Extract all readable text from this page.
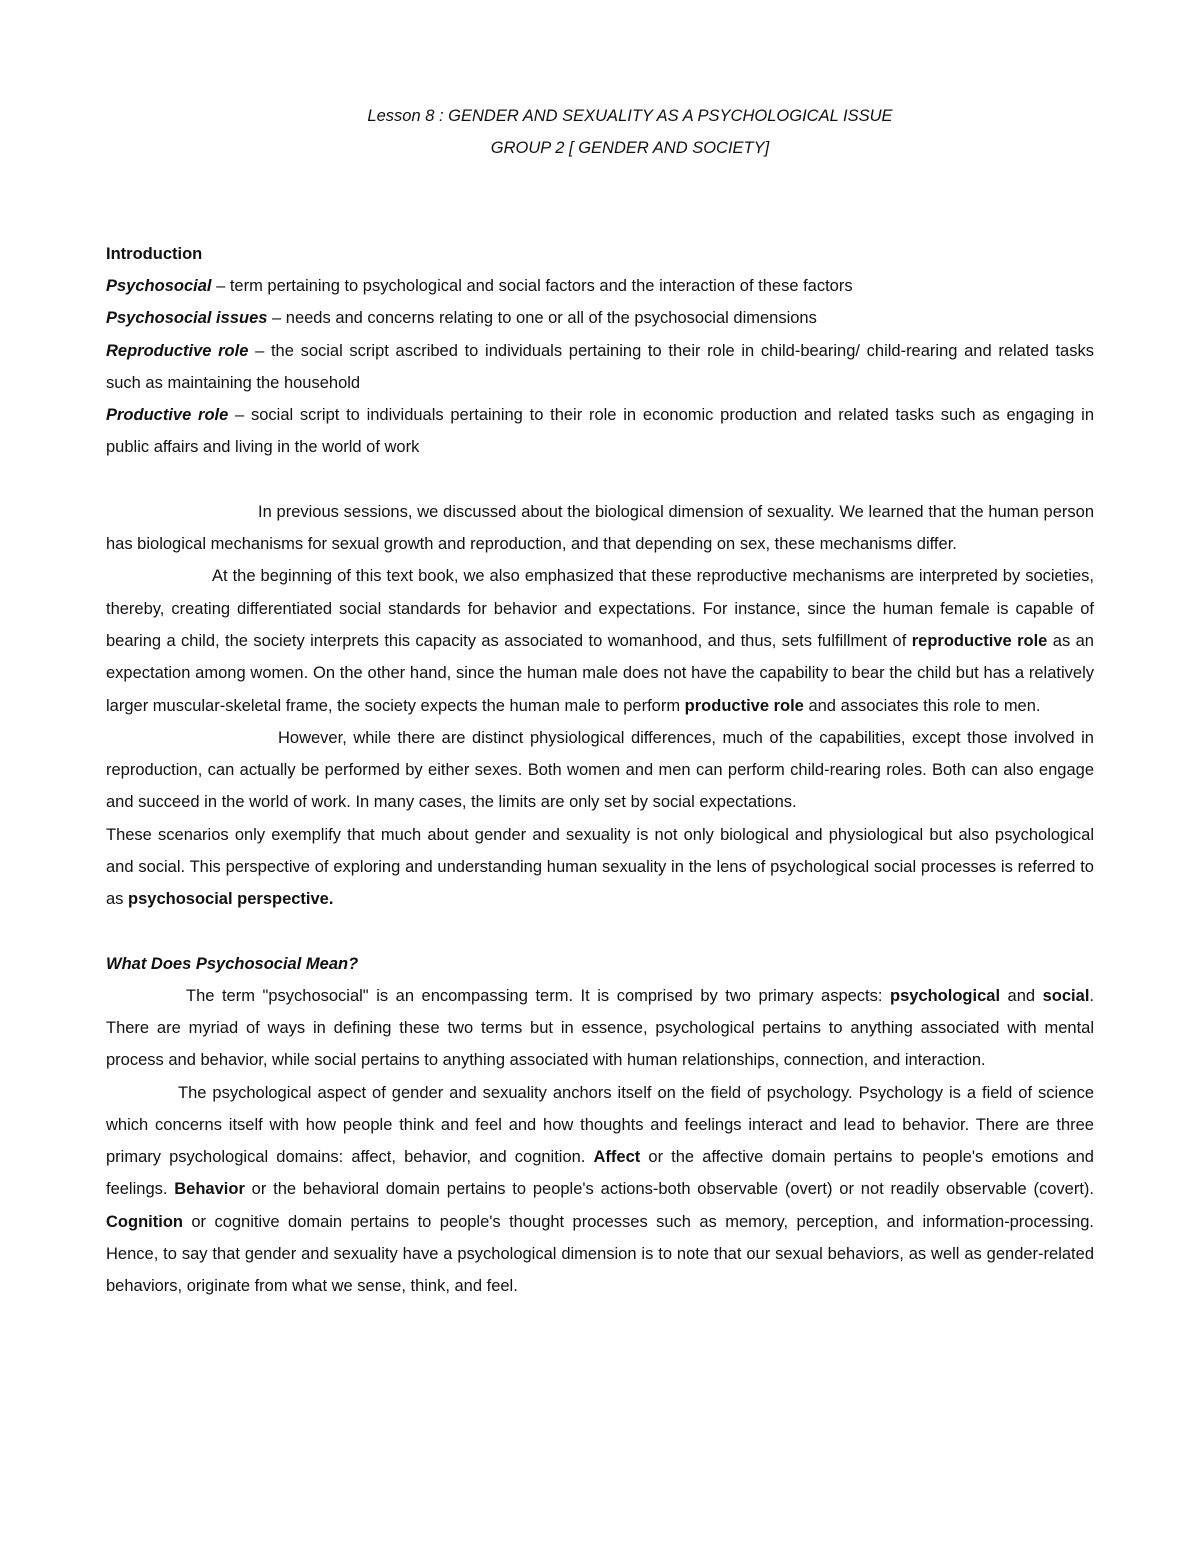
Lesson 8 : GENDER AND SEXUALITY AS A PSYCHOLOGICAL ISSUE
GROUP 2 [ GENDER AND SOCIETY]
Introduction

Psychosocial – term pertaining to psychological and social factors and the interaction of these factors

Psychosocial issues – needs and concerns relating to one or all of the psychosocial dimensions

Reproductive role – the social script ascribed to individuals pertaining to their role in child-bearing/ child-rearing and related tasks such as maintaining the household

Productive role – social script to individuals pertaining to their role in economic production and related tasks such as engaging in public affairs and living in the world of work

In previous sessions, we discussed about the biological dimension of sexuality. We learned that the human person has biological mechanisms for sexual growth and reproduction, and that depending on sex, these mechanisms differ.

At the beginning of this text book, we also emphasized that these reproductive mechanisms are interpreted by societies, thereby, creating differentiated social standards for behavior and expectations. For instance, since the human female is capable of bearing a child, the society interprets this capacity as associated to womanhood, and thus, sets fulfillment of reproductive role as an expectation among women. On the other hand, since the human male does not have the capability to bear the child but has a relatively larger muscular-skeletal frame, the society expects the human male to perform productive role and associates this role to men.

However, while there are distinct physiological differences, much of the capabilities, except those involved in reproduction, can actually be performed by either sexes. Both women and men can perform child-rearing roles. Both can also engage and succeed in the world of work. In many cases, the limits are only set by social expectations.

These scenarios only exemplify that much about gender and sexuality is not only biological and physiological but also psychological and social. This perspective of exploring and understanding human sexuality in the lens of psychological social processes is referred to as psychosocial perspective.

What Does Psychosocial Mean?

The term "psychosocial" is an encompassing term. It is comprised by two primary aspects: psychological and social. There are myriad of ways in defining these two terms but in essence, psychological pertains to anything associated with mental process and behavior, while social pertains to anything associated with human relationships, connection, and interaction.

The psychological aspect of gender and sexuality anchors itself on the field of psychology. Psychology is a field of science which concerns itself with how people think and feel and how thoughts and feelings interact and lead to behavior. There are three primary psychological domains: affect, behavior, and cognition. Affect or the affective domain pertains to people's emotions and feelings. Behavior or the behavioral domain pertains to people's actions-both observable (overt) or not readily observable (covert). Cognition or cognitive domain pertains to people's thought processes such as memory, perception, and information-processing. Hence, to say that gender and sexuality have a psychological dimension is to note that our sexual behaviors, as well as gender-related behaviors, originate from what we sense, think, and feel.
